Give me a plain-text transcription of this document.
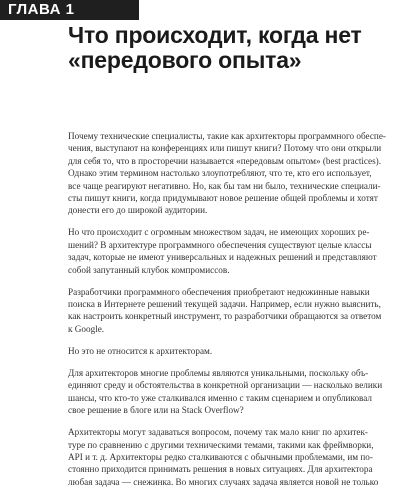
ГЛАВА 1
Что происходит, когда нет
«передового опыта»

Почему технические специалисты, такие как архитекторы программного обеспе-
чения, выступают на конференциях или пишут книги? Потому что они открыли
для себя то, что в просторечии называется «передовым опытом» (best practices).
Однако этим термином настолько злоупотребляют, что те, кто его использует,
все чаще реагируют негативно. Но, как бы там ни было, технические специали-
сты пишут книги, когда придумывают новое решение общей проблемы и хотят
донести его до широкой аудитории.

Но что происходит с огромным множеством задач, не имеющих хороших ре-
шений? В архитектуре программного обеспечения существуют целые классы
задач, которые не имеют универсальных и надежных решений и представляют
собой запутанный клубок компромиссов.

Разработчики программного обеспечения приобретают недюжинные навыки
поиска в Интернете решений текущей задачи. Например, если нужно выяснить,
как настроить конкретный инструмент, то разработчики обращаются за ответом
к Google.

Но это не относится к архитекторам.

Для архитекторов многие проблемы являются уникальными, поскольку объ-
единяют среду и обстоятельства в конкретной организации — насколько велики
шансы, что кто-то уже сталкивался именно с таким сценарием и опубликовал
свое решение в блоге или на Stack Overflow?

Архитекторы могут задаваться вопросом, почему так мало книг по архитек-
туре по сравнению с другими техническими темами, такими как фреймворки,
API и т. д. Архитекторы редко сталкиваются с обычными проблемами, им по-
стоянно приходится принимать решения в новых ситуациях. Для архитектора
любая задача — снежинка. Во многих случаях задача является новой не только
